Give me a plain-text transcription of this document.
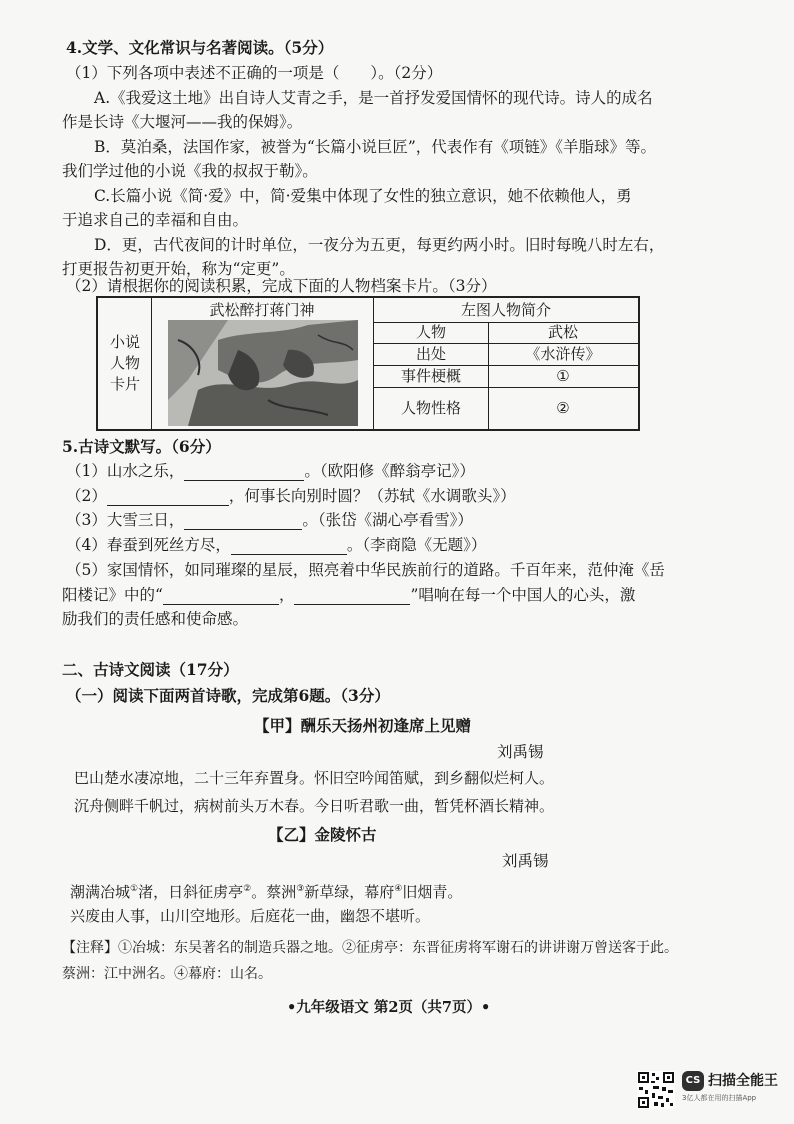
4.文学、文化常识与名著阅读。（5分）
（1）下列各项中表述不正确的一项是（　　）。（2分）
A.《我爱这土地》出自诗人艾青之手，是一首抒发爱国情怀的现代诗。诗人的成名
作是长诗《大堰河——我的保姆》。
B．莫泊桑，法国作家，被誉为“长篇小说巨匠”，代表作有《项链》《羊脂球》等。
我们学过他的小说《我的叔叔于勒》。
C.长篇小说《简·爱》中，简·爱集中体现了女性的独立意识，她不依赖他人，勇
于追求自己的幸福和自由。
D．更，古代夜间的计时单位，一夜分为五更，每更约两小时。旧时每晚八时左右，
打更报告初更开始，称为“定更”。
（2）请根据你的阅读积累，完成下面的人物档案卡片。（3分）
小说人物卡片
武松醉打蒋门神	左图人物简介
人物	武松
出处	《水浒传》
事件梗概	①
人物性格	②
5.古诗文默写。（6分）
（1）山水之乐，	。（欧阳修《醉翁亭记》）
（2）	，何事长向别时圆？（苏轼《水调歌头》）
（3）大雪三日，	。（张岱《湖心亭看雪》）
（4）春蚕到死丝方尽，	。（李商隐《无题》）
（5）家国情怀，如同璀璨的星辰，照亮着中华民族前行的道路。千百年来，范仲淹《岳
阳楼记》中的“	，	”唱响在每一个中国人的心头，激
励我们的责任感和使命感。
二、古诗文阅读（17分）
（一）阅读下面两首诗歌，完成第6题。（3分）
【甲】酬乐天扬州初逢席上见赠
刘禹锡
巴山楚水凄凉地，二十三年弃置身。怀旧空吟闻笛赋，到乡翻似烂柯人。
沉舟侧畔千帆过，病树前头万木春。今日听君歌一曲，暂凭杯酒长精神。
【乙】金陵怀古
刘禹锡
潮满冶城①渚，日斜征虏亭②。蔡洲③新草绿，幕府④旧烟青。
兴废由人事，山川空地形。后庭花一曲，幽怨不堪听。
【注释】①冶城：东吴著名的制造兵器之地。②征虏亭：东晋征虏将军谢石的讲讲谢万曾送客于此。
蔡洲：江中洲名。④幕府：山名。
•九年级语文 第2页（共7页）•
CS 扫描全能王
3亿人都在用的扫描App
